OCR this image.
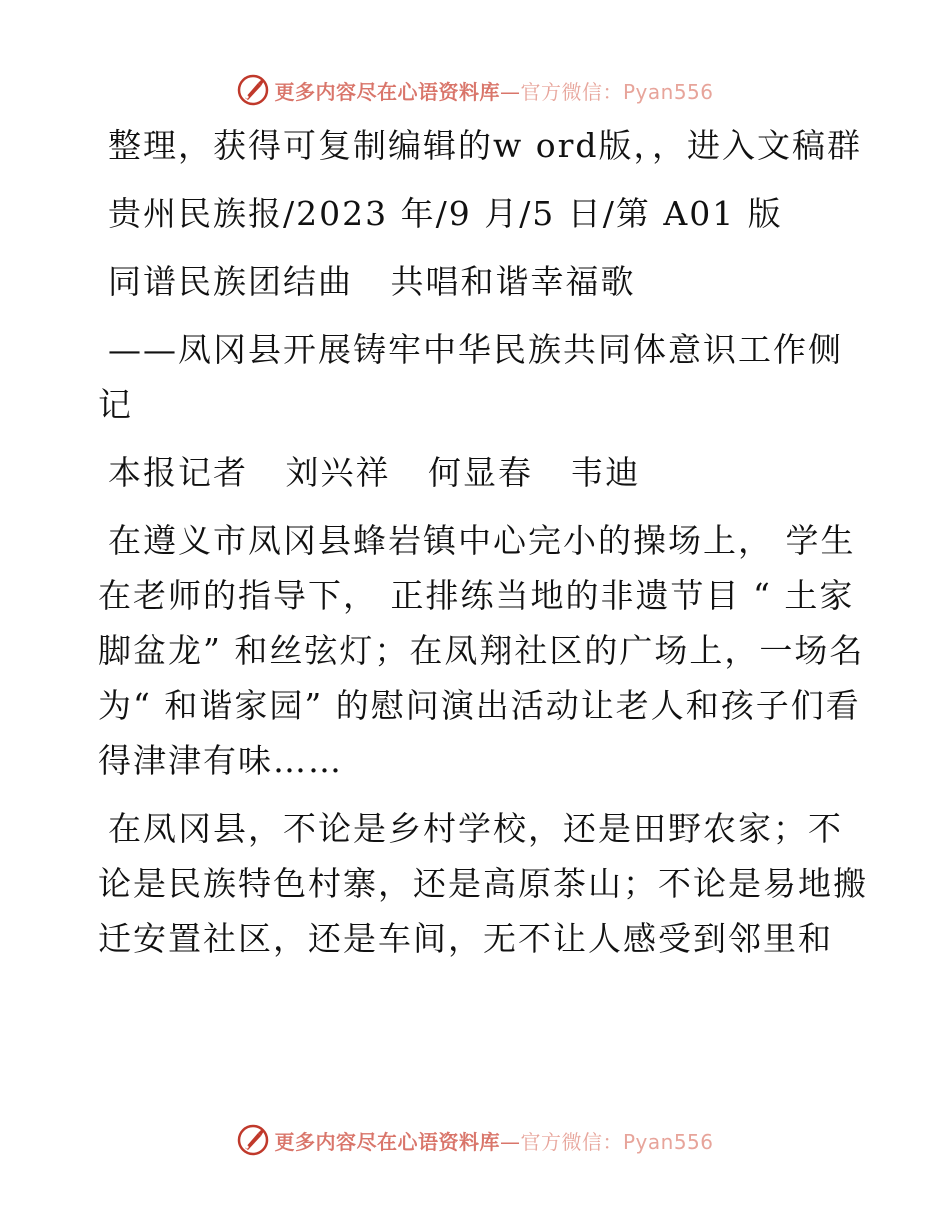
更多内容尽在心语资料库—官方微信：Pyan556

整理，获得可复制编辑的w ord版，，进入文稿群

贵州民族报/2023 年/9 月/5 日/第 A01 版

同谱民族团结曲   共唱和谐幸福歌

——凤冈县开展铸牢中华民族共同体意识工作侧记

本报记者   刘兴祥   何显春   韦迪

在遵义市凤冈县蜂岩镇中心完小的操场上， 学生在老师的指导下， 正排练当地的非遗节目 “ 土家脚盆龙” 和丝弦灯；在凤翔社区的广场上，一场名为“ 和谐家园” 的慰问演出活动让老人和孩子们看得津津有味……

在凤冈县，不论是乡村学校，还是田野农家；不论是民族特色村寨，还是高原茶山；不论是易地搬迁安置社区，还是车间，无不让人感受到邻里和

更多内容尽在心语资料库—官方微信：Pyan556
